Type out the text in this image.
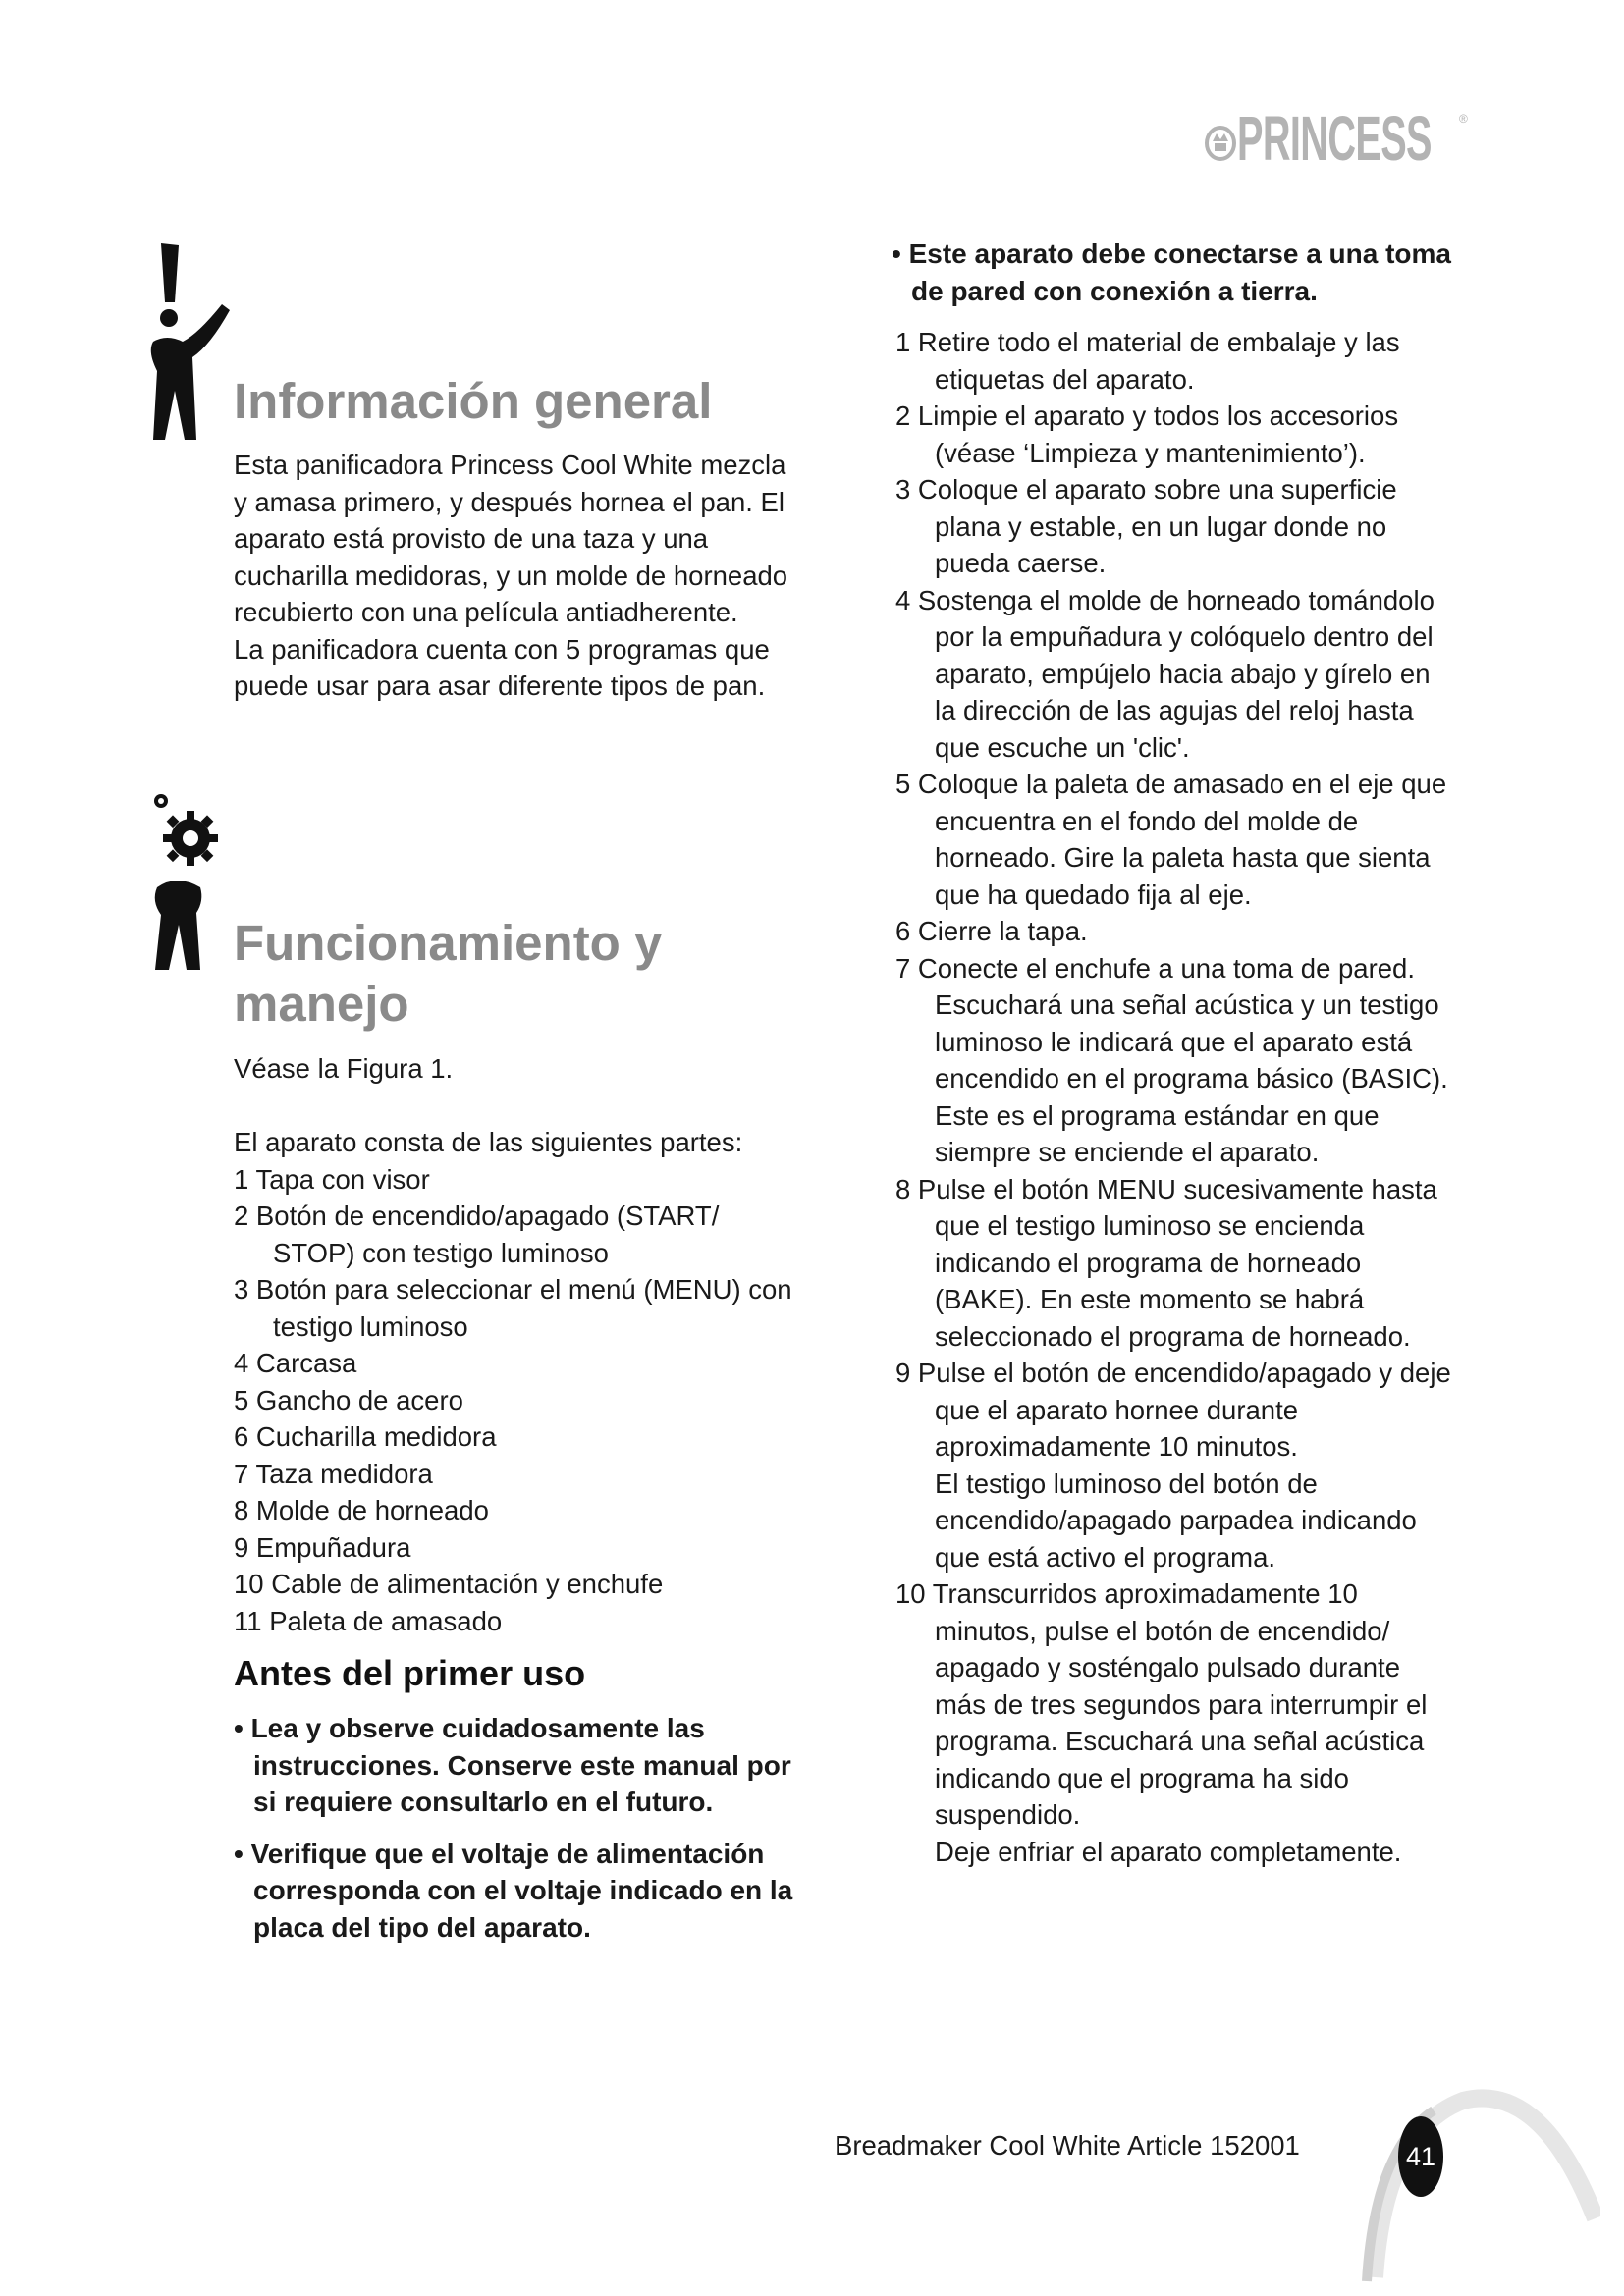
PRINCESS ®
Información general

Esta panificadora Princess Cool White mezcla y amasa primero, y después hornea el pan. El aparato está provisto de una taza y una cucharilla medidoras, y un molde de horneado recubierto con una película antiadherente.

La panificadora cuenta con 5 programas que puede usar para asar diferente tipos de pan.

Funcionamiento y manejo

Véase la Figura 1.

El aparato consta de las siguientes partes:

1 Tapa con visor
2 Botón de encendido/apagado (START/ STOP) con testigo luminoso
3 Botón para seleccionar el menú (MENU) con testigo luminoso
4 Carcasa
5 Gancho de acero
6 Cucharilla medidora
7 Taza medidora
8 Molde de horneado
9 Empuñadura
10 Cable de alimentación y enchufe
11 Paleta de amasado
Antes del primer uso
• Lea y observe cuidadosamente las instrucciones. Conserve este manual por si requiere consultarlo en el futuro.
• Verifique que el voltaje de alimentación corresponda con el voltaje indicado en la placa del tipo del aparato.
• Este aparato debe conectarse a una toma de pared con conexión a tierra.
1 Retire todo el material de embalaje y las etiquetas del aparato.
2 Limpie el aparato y todos los accesorios (véase ‘Limpieza y mantenimiento’).
3 Coloque el aparato sobre una superficie plana y estable, en un lugar donde no pueda caerse.
4 Sostenga el molde de horneado tomándolo por la empuñadura y colóquelo dentro del aparato, empújelo hacia abajo y gírelo en la dirección de las agujas del reloj hasta que escuche un 'clic'.
5 Coloque la paleta de amasado en el eje que encuentra en el fondo del molde de horneado. Gire la paleta hasta que sienta que ha quedado fija al eje.
6 Cierre la tapa.
7 Conecte el enchufe a una toma de pared.
Escuchará una señal acústica y un testigo luminoso le indicará que el aparato está encendido en el programa básico (BASIC). Este es el programa estándar en que siempre se enciende el aparato.
8 Pulse el botón MENU sucesivamente hasta que el testigo luminoso se encienda indicando el programa de horneado (BAKE). En este momento se habrá seleccionado el programa de horneado.
9 Pulse el botón de encendido/apagado y deje que el aparato hornee durante aproximadamente 10 minutos.
El testigo luminoso del botón de encendido/apagado parpadea indicando que está activo el programa.
10 Transcurridos aproximadamente 10 minutos, pulse el botón de encendido/ apagado y sosténgalo pulsado durante más de tres segundos para interrumpir el programa. Escuchará una señal acústica indicando que el programa ha sido suspendido.
Deje enfriar el aparato completamente.
Breadmaker Cool White Article 152001	41
